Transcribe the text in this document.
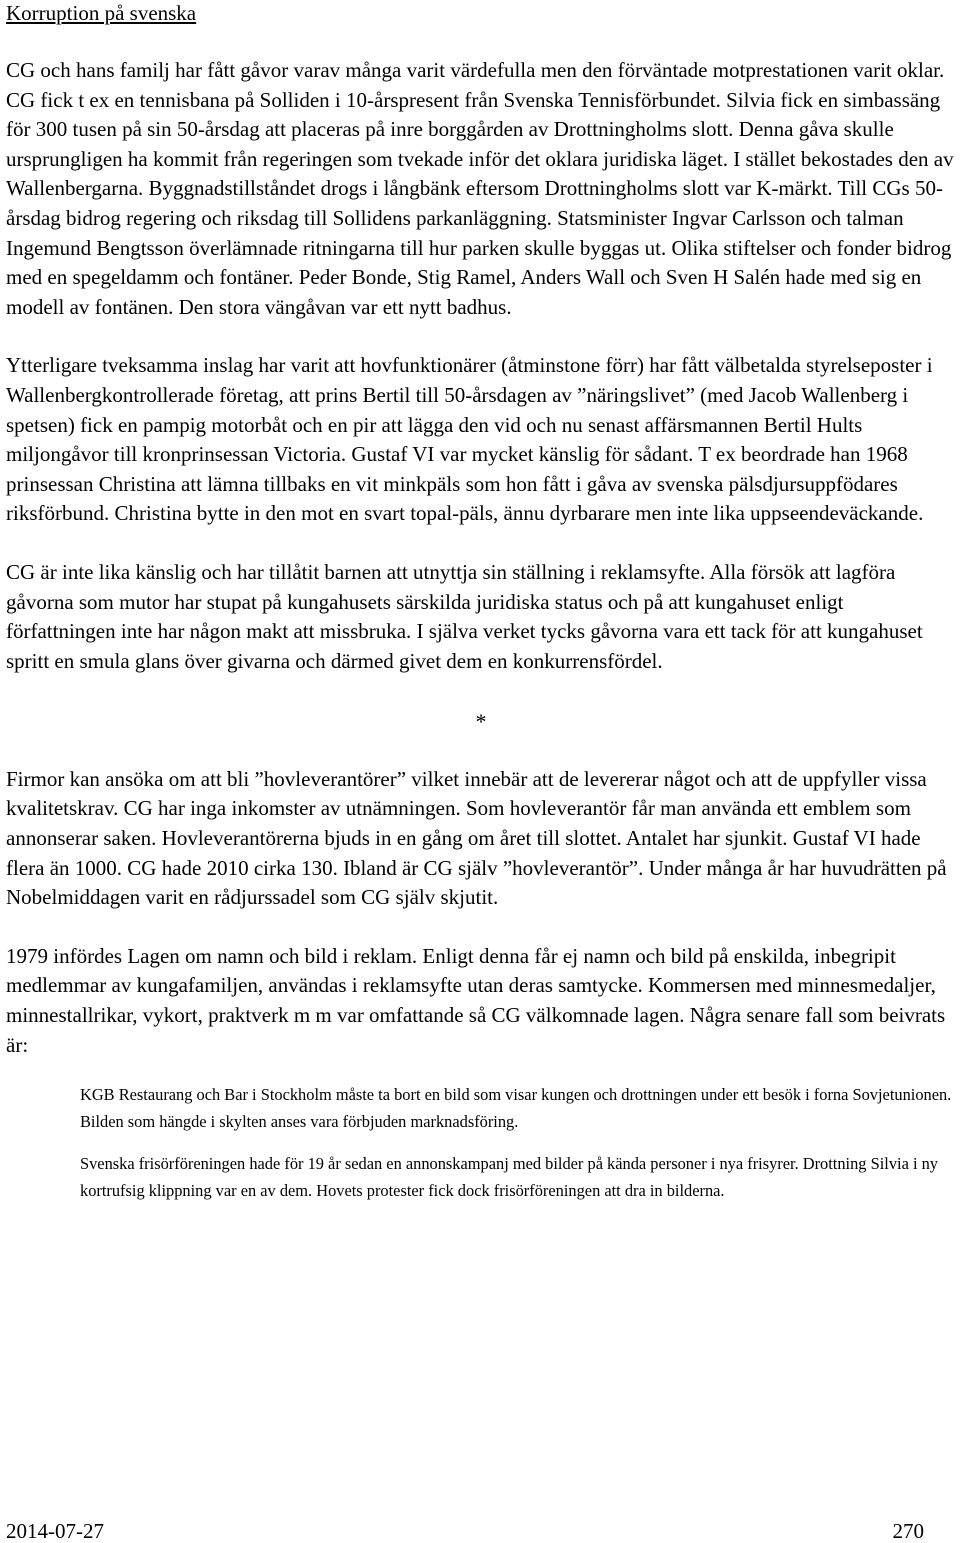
Korruption på svenska

CG och hans familj har fått gåvor varav många varit värdefulla men den förväntade motprestationen varit oklar. CG fick t ex en tennisbana på Solliden i 10-årspresent från Svenska Tennisförbundet. Silvia fick en simbassäng för 300 tusen på sin 50-årsdag att placeras på inre borggården av Drottningholms slott. Denna gåva skulle ursprungligen ha kommit från regeringen som tvekade inför det oklara juridiska läget. I stället bekostades den av Wallenbergarna. Byggnadstillståndet drogs i långbänk eftersom Drottningholms slott var K-märkt. Till CGs 50-årsdag bidrog regering och riksdag till Sollidens parkanläggning. Statsminister Ingvar Carlsson och talman Ingemund Bengtsson överlämnade ritningarna till hur parken skulle byggas ut. Olika stiftelser och fonder bidrog med en spegeldamm och fontäner. Peder Bonde, Stig Ramel, Anders Wall och Sven H Salén hade med sig en modell av fontänen. Den stora vängåvan var ett nytt badhus.

Ytterligare tveksamma inslag har varit att hovfunktionärer (åtminstone förr) har fått välbetalda styrelseposter i Wallenbergkontrollerade företag, att prins Bertil till 50-årsdagen av ”näringslivet” (med Jacob Wallenberg i spetsen) fick en pampig motorbåt och en pir att lägga den vid och nu senast affärsmannen Bertil Hults miljongåvor till kronprinsessan Victoria. Gustaf VI var mycket känslig för sådant. T ex beordrade han 1968 prinsessan Christina att lämna tillbaks en vit minkpäls som hon fått i gåva av svenska pälsdjursuppfödares riksförbund. Christina bytte in den mot en svart topal-päls, ännu dyrbarare men inte lika uppseendeväckande.

CG är inte lika känslig och har tillåtit barnen att utnyttja sin ställning i reklamsyfte. Alla försök att lagföra gåvorna som mutor har stupat på kungahusets särskilda juridiska status och på att kungahuset enligt författningen inte har någon makt att missbruka. I själva verket tycks gåvorna vara ett tack för att kungahuset spritt en smula glans över givarna och därmed givet dem en konkurrensfördel.

*

Firmor kan ansöka om att bli ”hovleverantörer” vilket innebär att de levererar något och att de uppfyller vissa kvalitetskrav. CG har inga inkomster av utnämningen. Som hovleverantör får man använda ett emblem som annonserar saken. Hovleverantörerna bjuds in en gång om året till slottet. Antalet har sjunkit. Gustaf VI hade flera än 1000. CG hade 2010 cirka 130. Ibland är CG själv ”hovleverantör”. Under många år har huvudrätten på Nobelmiddagen varit en rådjurssadel som CG själv skjutit.

1979 infördes Lagen om namn och bild i reklam. Enligt denna får ej namn och bild på enskilda, inbegripit medlemmar av kungafamiljen, användas i reklamsyfte utan deras samtycke. Kommersen med minnesmedaljer, minnestallrikar, vykort, praktverk m m var omfattande så CG välkomnade lagen. Några senare fall som beivrats är:

KGB Restaurang och Bar i Stockholm måste ta bort en bild som visar kungen och drottningen under ett besök i forna Sovjetunionen. Bilden som hängde i skylten anses vara förbjuden marknadsföring.

Svenska frisörföreningen hade för 19 år sedan en annonskampanj med bilder på kända personer i nya frisyrer. Drottning Silvia i ny kortrufsig klippning var en av dem. Hovets protester fick dock frisörföreningen att dra in bilderna.

2014-07-27	270
